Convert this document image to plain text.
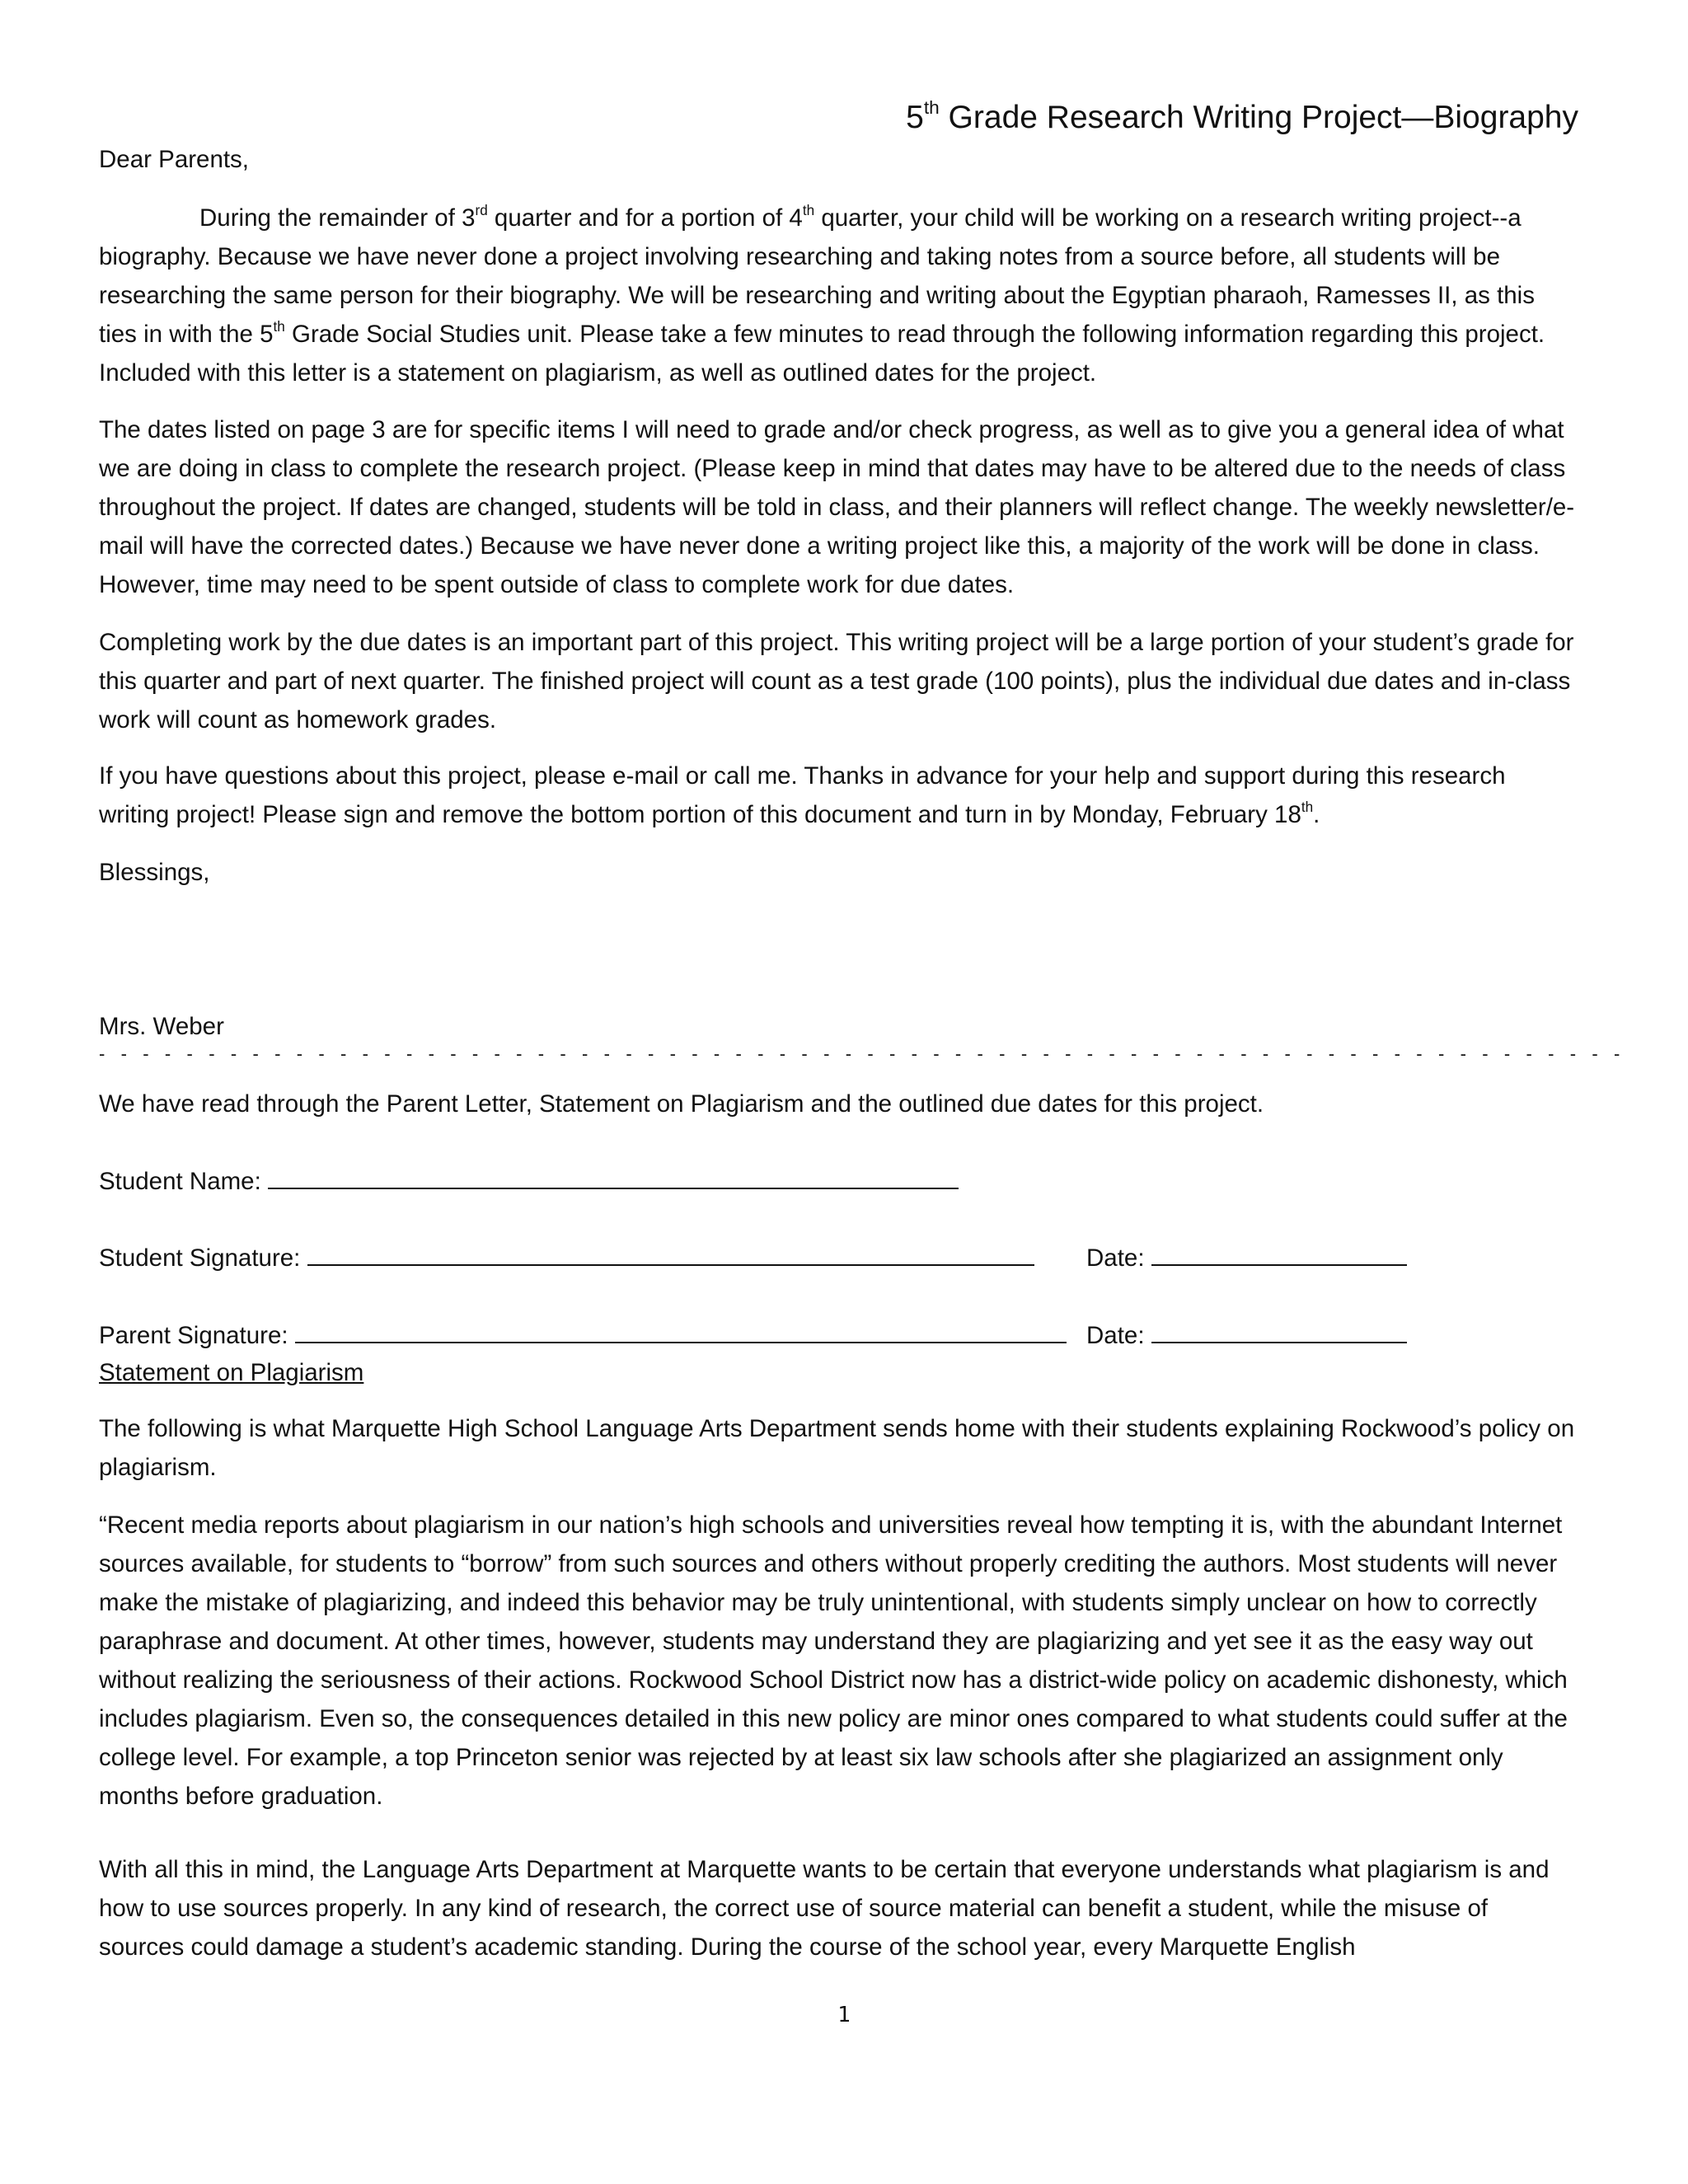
5th Grade Research Writing Project—Biography

Dear Parents,

During the remainder of 3rd quarter and for a portion of 4th quarter, your child will be working on a research writing project--a biography. Because we have never done a project involving researching and taking notes from a source before, all students will be researching the same person for their biography. We will be researching and writing about the Egyptian pharaoh, Ramesses II, as this ties in with the 5th Grade Social Studies unit. Please take a few minutes to read through the following information regarding this project. Included with this letter is a statement on plagiarism, as well as outlined dates for the project.

The dates listed on page 3 are for specific items I will need to grade and/or check progress, as well as to give you a general idea of what we are doing in class to complete the research project. (Please keep in mind that dates may have to be altered due to the needs of class throughout the project. If dates are changed, students will be told in class, and their planners will reflect change. The weekly newsletter/e-mail will have the corrected dates.) Because we have never done a writing project like this, a majority of the work will be done in class. However, time may need to be spent outside of class to complete work for due dates.

Completing work by the due dates is an important part of this project. This writing project will be a large portion of your student’s grade for this quarter and part of next quarter. The finished project will count as a test grade (100 points), plus the individual due dates and in-class work will count as homework grades.

If you have questions about this project, please e-mail or call me. Thanks in advance for your help and support during this research writing project! Please sign and remove the bottom portion of this document and turn in by Monday, February 18th.

Blessings,

Mrs. Weber

- - - - - - - - - - - - - - - - - - - - - - - - - - - - - - - - - - - - - - - - - - - - - - - - - - - - - - - - - - - - - - - - - - - - - -

We have read through the Parent Letter, Statement on Plagiarism and the outlined due dates for this project.

Student Name:
Student Signature:	Date:
Parent Signature:	Date:

Statement on Plagiarism

The following is what Marquette High School Language Arts Department sends home with their students explaining Rockwood’s policy on plagiarism.

“Recent media reports about plagiarism in our nation’s high schools and universities reveal how tempting it is, with the abundant Internet sources available, for students to “borrow” from such sources and others without properly crediting the authors. Most students will never make the mistake of plagiarizing, and indeed this behavior may be truly unintentional, with students simply unclear on how to correctly paraphrase and document. At other times, however, students may understand they are plagiarizing and yet see it as the easy way out without realizing the seriousness of their actions. Rockwood School District now has a district-wide policy on academic dishonesty, which includes plagiarism. Even so, the consequences detailed in this new policy are minor ones compared to what students could suffer at the college level. For example, a top Princeton senior was rejected by at least six law schools after she plagiarized an assignment only months before graduation.

With all this in mind, the Language Arts Department at Marquette wants to be certain that everyone understands what plagiarism is and how to use sources properly. In any kind of research, the correct use of source material can benefit a student, while the misuse of sources could damage a student’s academic standing. During the course of the school year, every Marquette English

1
